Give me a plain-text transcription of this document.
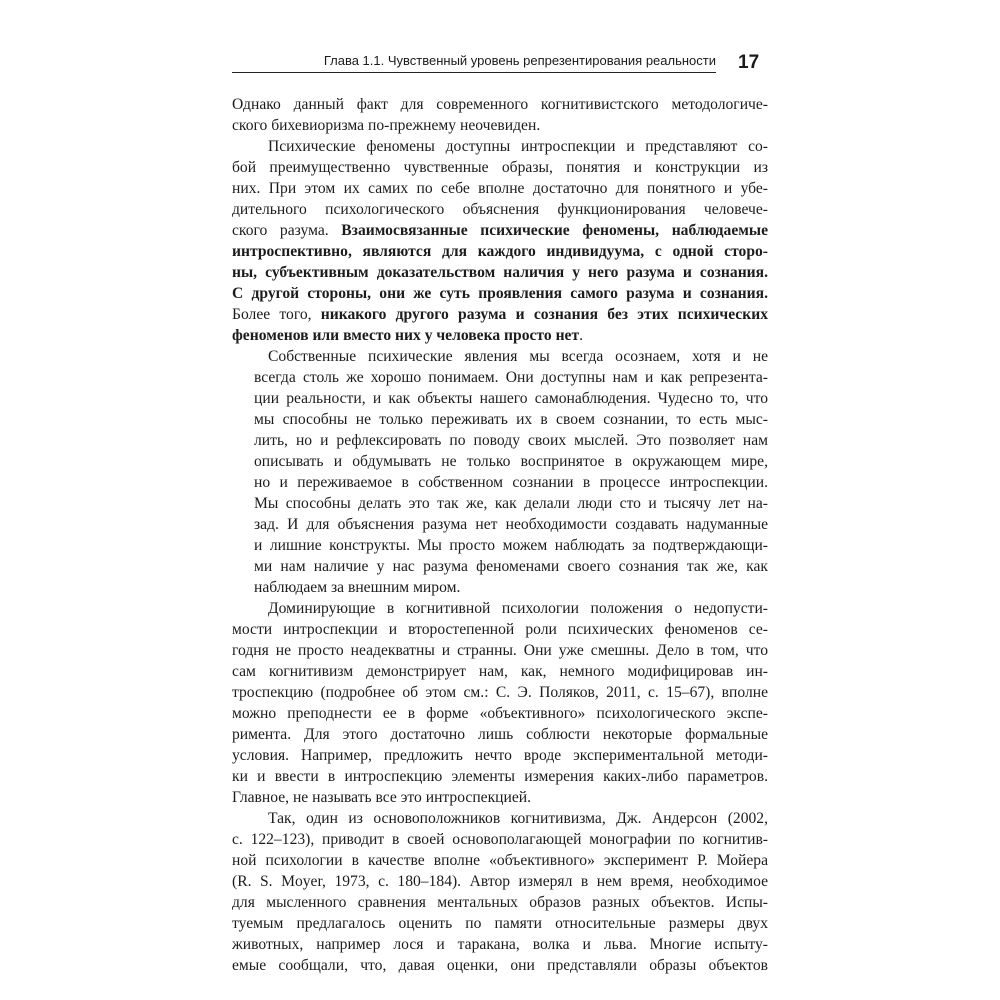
Глава 1.1. Чувственный уровень репрезентирования реальности 17
Однако данный факт для современного когнитивистского методологиче-
ского бихевиоризма по-прежнему неочевиден.
Психические феномены доступны интроспекции и представляют со-
бой преимущественно чувственные образы, понятия и конструкции из
них. При этом их самих по себе вполне достаточно для понятного и убе-
дительного психологического объяснения функционирования человече-
ского разума. Взаимосвязанные психические феномены, наблюдаемые
интроспективно, являются для каждого индивидуума, с одной сторо-
ны, субъективным доказательством наличия у него разума и сознания.
С другой стороны, они же суть проявления самого разума и сознания.
Более того, никакого другого разума и сознания без этих психических
феноменов или вместо них у человека просто нет.
Собственные психические явления мы всегда осознаем, хотя и не
всегда столь же хорошо понимаем. Они доступны нам и как репрезента-
ции реальности, и как объекты нашего самонаблюдения. Чудесно то, что
мы способны не только переживать их в своем сознании, то есть мыс-
лить, но и рефлексировать по поводу своих мыслей. Это позволяет нам
описывать и обдумывать не только воспринятое в окружающем мире,
но и переживаемое в собственном сознании в процессе интроспекции.
Мы способны делать это так же, как делали люди сто и тысячу лет на-
зад. И для объяснения разума нет необходимости создавать надуманные
и лишние конструкты. Мы просто можем наблюдать за подтверждающи-
ми нам наличие у нас разума феноменами своего сознания так же, как
наблюдаем за внешним миром.
Доминирующие в когнитивной психологии положения о недопусти-
мости интроспекции и второстепенной роли психических феноменов се-
годня не просто неадекватны и странны. Они уже смешны. Дело в том, что
сам когнитивизм демонстрирует нам, как, немного модифицировав ин-
троспекцию (подробнее об этом см.: С. Э. Поляков, 2011, с. 15–67), вполне
можно преподнести ее в форме «объективного» психологического экспе-
римента. Для этого достаточно лишь соблюсти некоторые формальные
условия. Например, предложить нечто вроде экспериментальной методи-
ки и ввести в интроспекцию элементы измерения каких-либо параметров.
Главное, не называть все это интроспекцией.
Так, один из основоположников когнитивизма, Дж. Андерсон (2002,
с. 122–123), приводит в своей основополагающей монографии по когнитив-
ной психологии в качестве вполне «объективного» эксперимент Р. Мойера
(R. S. Moyer, 1973, с. 180–184). Автор измерял в нем время, необходимое
для мысленного сравнения ментальных образов разных объектов. Испы-
туемым предлагалось оценить по памяти относительные размеры двух
животных, например лося и таракана, волка и льва. Многие испыту-
емые сообщали, что, давая оценки, они представляли образы объектов
